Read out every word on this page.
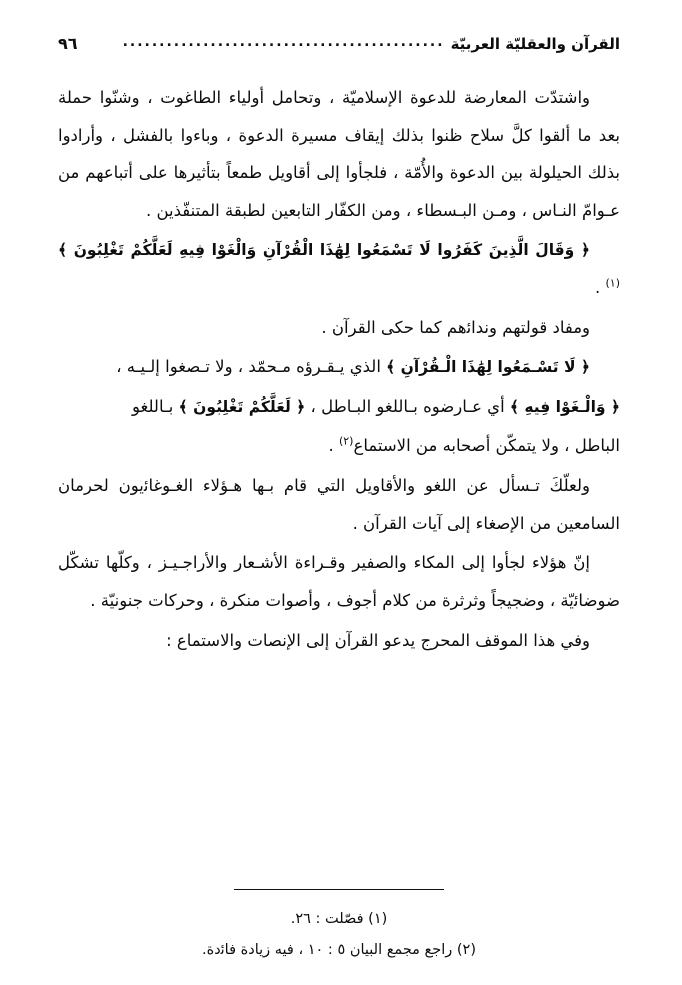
القرآن والعقليّة العربيّة
............................................
٩٦

واشتدّت المعارضة للدعوة الإسلاميّة ، وتحامل أولياء الطاغوت ، وشنّوا حملة بعد ما ألقوا كلَّ سلاح ظنوا بذلك إيقاف مسيرة الدعوة ، وباءوا بالفشل ، وأرادوا بذلك الحيلولة بين الدعوة والأُمّة ، فلجأوا إلى أقاويل طمعاً بتأثيرها على أتباعهم من عـوامّ النـاس ، ومـن البـسطاء ، ومن الكفّار التابعين لطبقة المتنفّذين .

﴿ وَقَالَ الَّذِينَ كَفَرُوا لَا تَسْمَعُوا لِهَٰذَا الْقُرْآنِ وَالْغَوْا فِيهِ لَعَلَّكُمْ تَغْلِبُونَ ﴾ $^{(١)}$ .

ومفاد قولتهم ونداﺋهم كما حكى القرآن .

﴿ لَا تَسْـمَعُوا لِهَٰذَا الْـقُرْآنِ ﴾ الذي يـقـرؤه مـحمّد ، ولا تـصغوا إلـيـه ،

﴿ وَالْـغَوْا فِيهِ ﴾ أي عـارضوه بـاللغو البـاطل ، ﴿ لَعَلَّكُمْ تَغْلِبُونَ ﴾ بـاللغو

الباطل ، ولا يتمكّن أصحابه من الاستماع$^{(٢)}$ .

ولعلّكَ تـسأل عن اللغو والأقاويل التي قام بـها هـؤلاء الغـوغاﺋيون لحرمان السامعين من الإصغاء إلى آيات القرآن .

إنّ هؤلاء لجأوا إلى المكاء والصفير وقـراءة الأشـعار والأراجـيـز ، وكلّها تشكّل ضوضاﺋيّة ، وضجيجاً وثرثرة من كلام أجوف ، وأصوات منكرة ، وحركات جنونيّة .

وفي هذا الموقف المحرج يدعو القرآن إلى الإنصات والاستماع :

(١) فصّلت : ٢٦.
(٢) راجع مجمع البيان ٥ : ١٠ ، فيه زيادة فاﺋدة.
